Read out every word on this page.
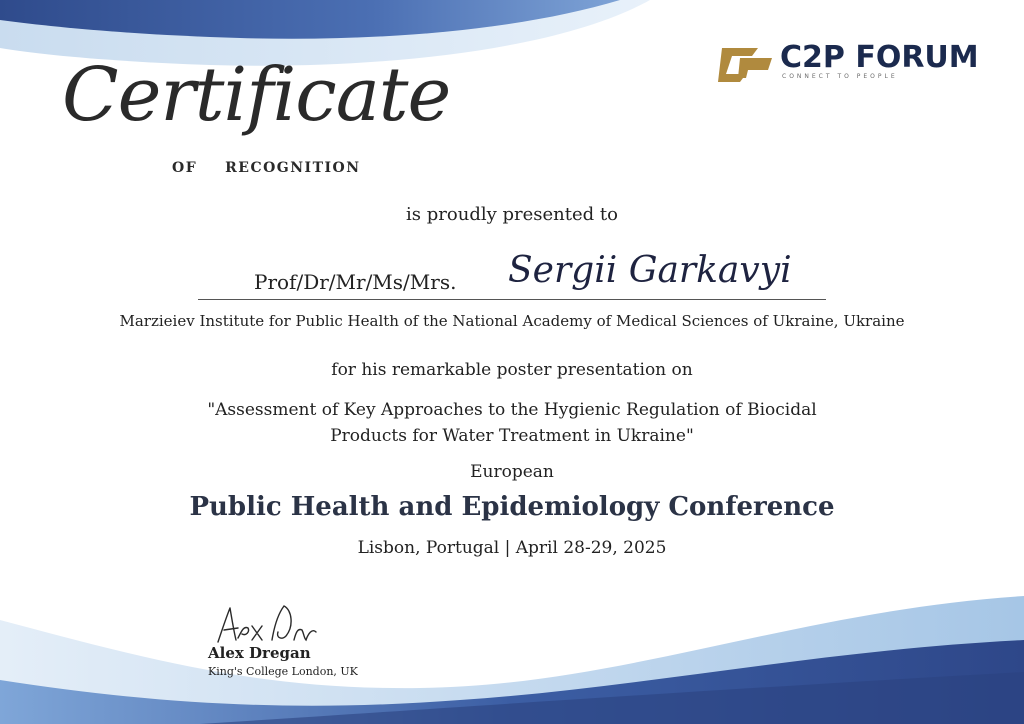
Certificate
OF RECOGNITION
C2P FORUM
CONNECT TO PEOPLE
is proudly presented to
Prof/Dr/Mr/Ms/Mrs. Sergii Garkavyi
Marzieiev Institute for Public Health of the National Academy of Medical Sciences of Ukraine, Ukraine
for his remarkable poster presentation on
"Assessment of Key Approaches to the Hygienic Regulation of Biocidal
Products for Water Treatment in Ukraine"
European
Public Health and Epidemiology Conference
Lisbon, Portugal | April 28-29, 2025
Alex Dregan
King's College London, UK
